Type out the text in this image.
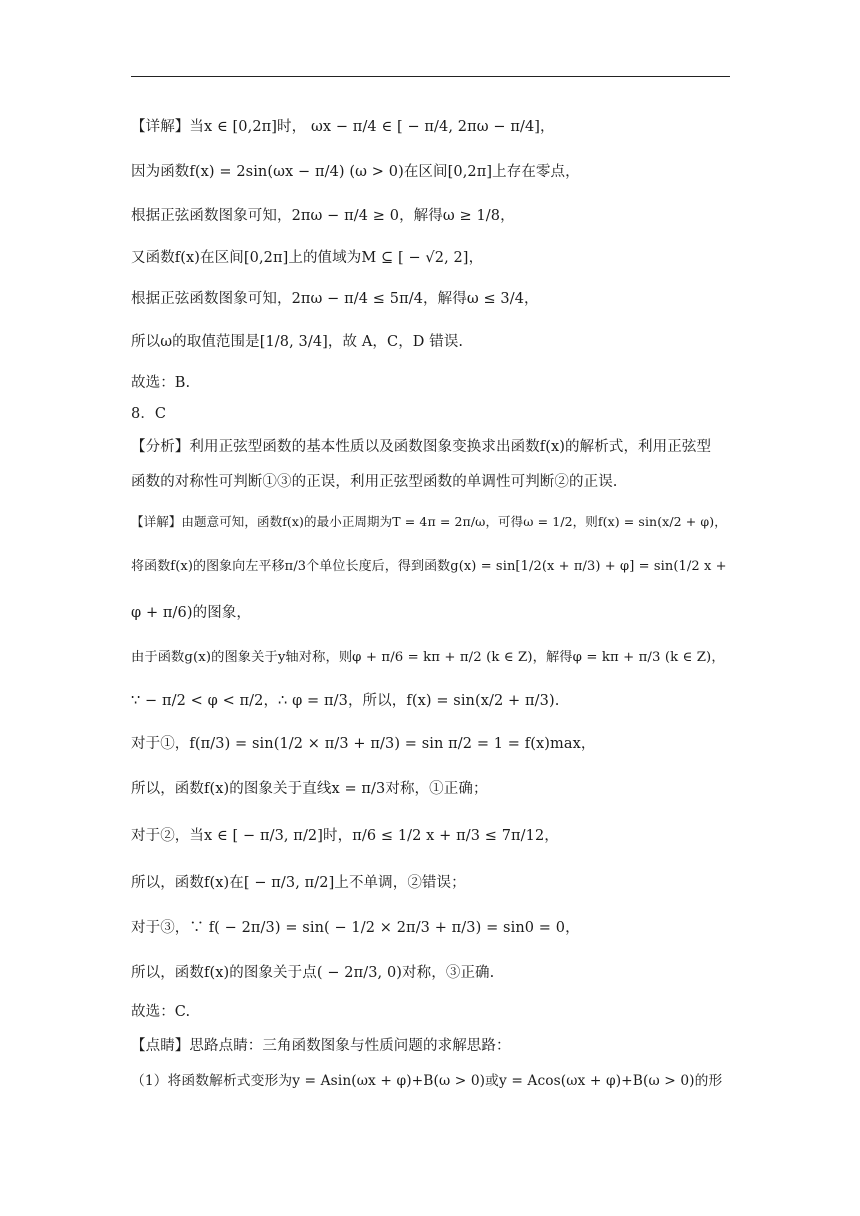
【详解】当x ∈ [0,2π]时， ωx − π/4 ∈ [ − π/4, 2πω − π/4]，
因为函数f(x) = 2sin(ωx − π/4) (ω > 0)在区间[0,2π]上存在零点，
根据正弦函数图象可知，2πω − π/4 ≥ 0，解得ω ≥ 1/8，
又函数f(x)在区间[0,2π]上的值域为M ⊆ [ − √2, 2]，
根据正弦函数图象可知，2πω − π/4 ≤ 5π/4，解得ω ≤ 3/4，
所以ω的取值范围是[1/8, 3/4]，故 A，C，D 错误.
故选：B.
8．C
【分析】利用正弦型函数的基本性质以及函数图象变换求出函数f(x)的解析式，利用正弦型
函数的对称性可判断①③的正误，利用正弦型函数的单调性可判断②的正误.
【详解】由题意可知，函数f(x)的最小正周期为T = 4π = 2π/ω，可得ω = 1/2，则f(x) = sin(x/2 + φ)，
将函数f(x)的图象向左平移π/3个单位长度后，得到函数g(x) = sin[1/2(x + π/3) + φ] = sin(1/2 x +
φ + π/6)的图象，
由于函数g(x)的图象关于y轴对称，则φ + π/6 = kπ + π/2 (k ∈ Z)，解得φ = kπ + π/3 (k ∈ Z)，
∵ − π/2 < φ < π/2，∴ φ = π/3，所以，f(x) = sin(x/2 + π/3).
对于①，f(π/3) = sin(1/2 × π/3 + π/3) = sin π/2 = 1 = f(x)max，
所以，函数f(x)的图象关于直线x = π/3对称，①正确；
对于②，当x ∈ [ − π/3, π/2]时，π/6 ≤ 1/2 x + π/3 ≤ 7π/12，
所以，函数f(x)在[ − π/3, π/2]上不单调，②错误；
对于③，∵ f( − 2π/3) = sin( − 1/2 × 2π/3 + π/3) = sin0 = 0，
所以，函数f(x)的图象关于点( − 2π/3, 0)对称，③正确.
故选：C.
【点睛】思路点睛：三角函数图象与性质问题的求解思路：
（1）将函数解析式变形为y = Asin(ωx + φ)+B(ω > 0)或y = Acos(ωx + φ)+B(ω > 0)的形
